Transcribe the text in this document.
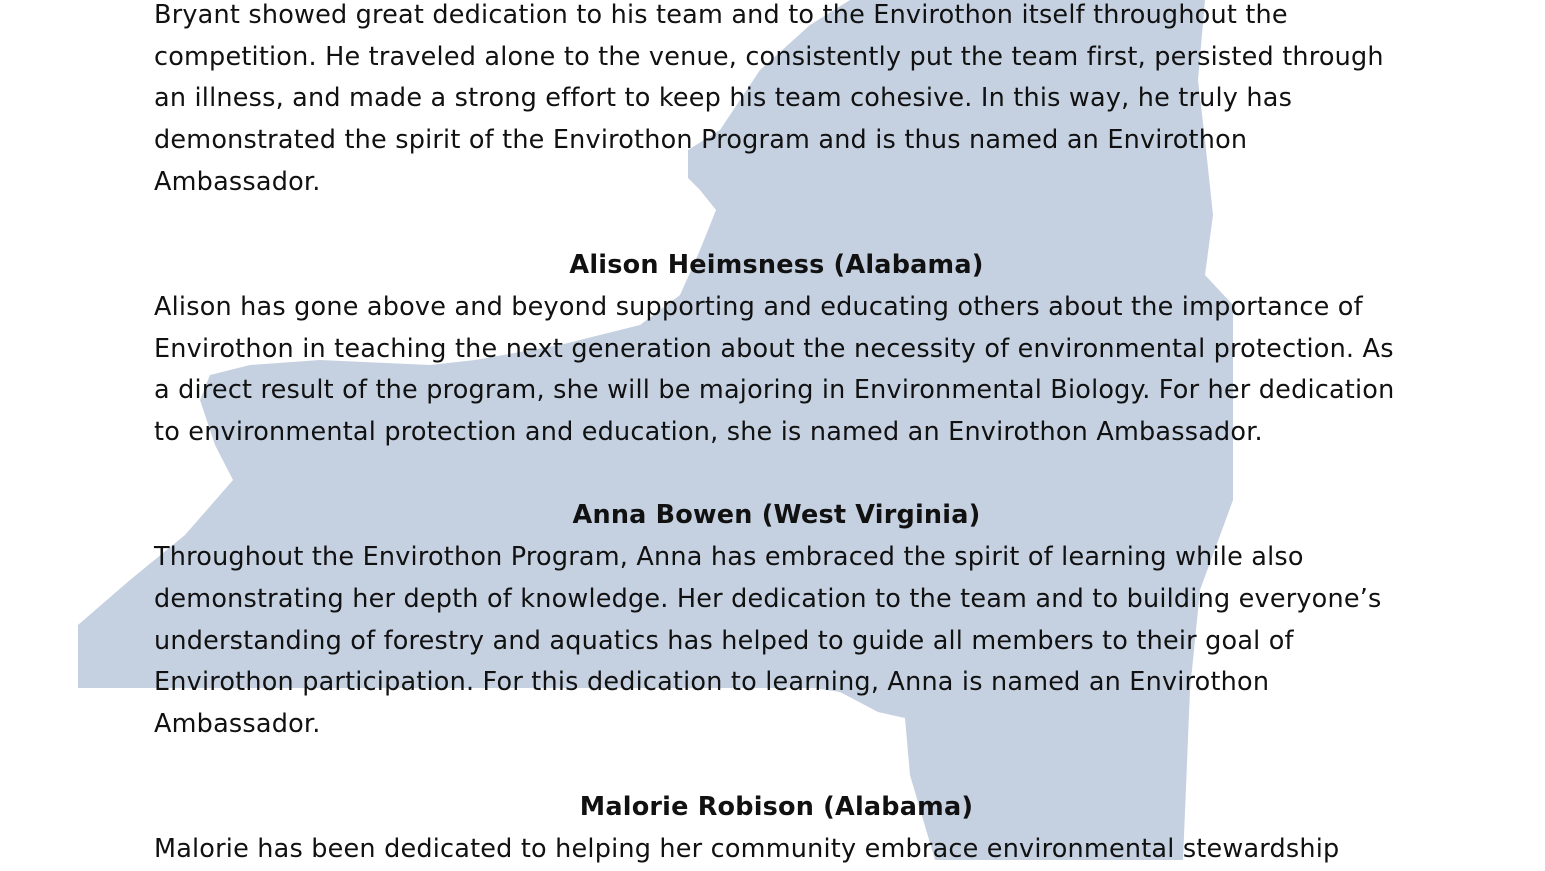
Bryant showed great dedication to his team and to the Envirothon itself throughout the competition. He traveled alone to the venue, consistently put the team first, persisted through an illness, and made a strong effort to keep his team cohesive. In this way, he truly has demonstrated the spirit of the Envirothon Program and is thus named an Envirothon Ambassador.

Alison Heimsness (Alabama)

Alison has gone above and beyond supporting and educating others about the importance of Envirothon in teaching the next generation about the necessity of environmental protection. As a direct result of the program, she will be majoring in Environmental Biology. For her dedication to environmental protection and education, she is named an Envirothon Ambassador.

Anna Bowen (West Virginia)

Throughout the Envirothon Program, Anna has embraced the spirit of learning while also demonstrating her depth of knowledge. Her dedication to the team and to building everyone’s understanding of forestry and aquatics has helped to guide all members to their goal of Envirothon participation. For this dedication to learning, Anna is named an Envirothon Ambassador.

Malorie Robison (Alabama)

Malorie has been dedicated to helping her community embrace environmental stewardship
